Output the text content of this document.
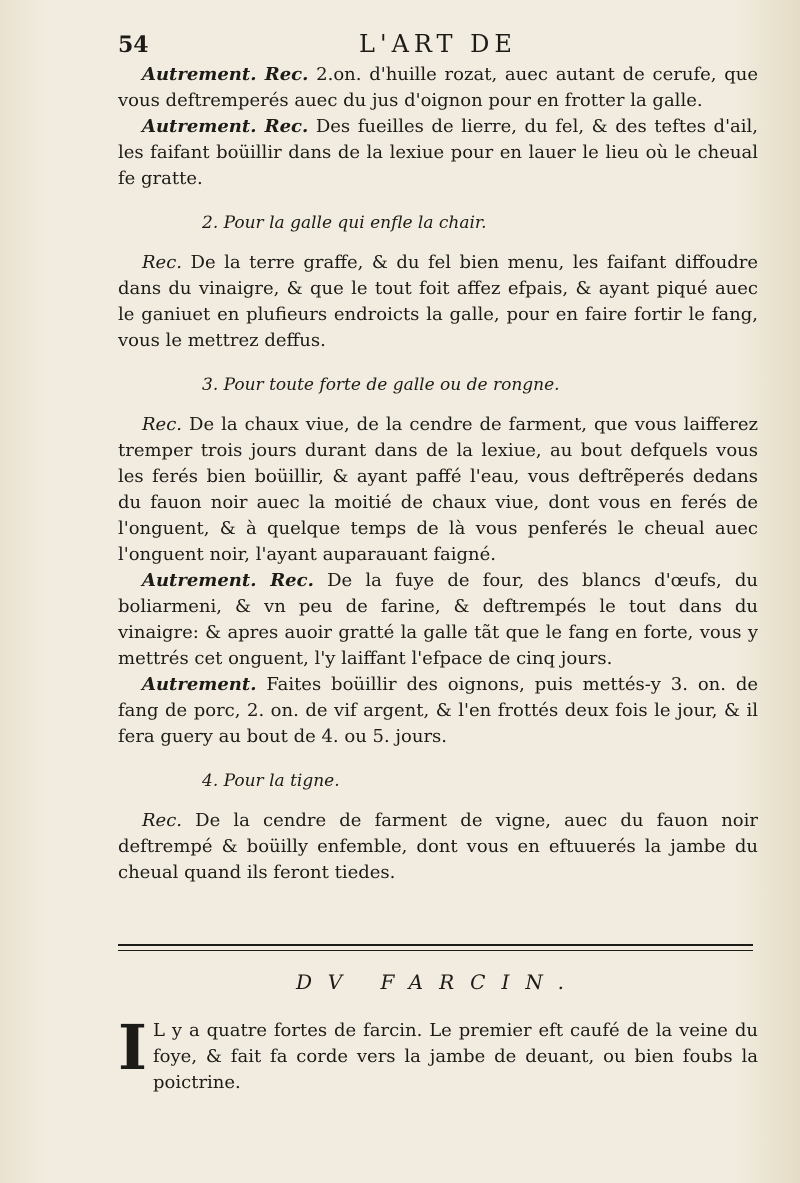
54	L'ART DE

Autrement. Rec. 2.on. d'huille rozat, auec autant de cerufe, que vous deftremperés auec du jus d'oignon pour en frotter la galle.

Autrement. Rec. Des fueilles de lierre, du fel, & des teftes d'ail, les faifant boüillir dans de la lexiue pour en lauer le lieu où le cheual fe gratte.

2. Pour la galle qui enfle la chair.

Rec. De la terre graffe, & du fel bien menu, les faifant diffoudre dans du vinaigre, & que le tout foit affez efpais, & ayant piqué auec le ganiuet en plufieurs endroicts la galle, pour en faire fortir le fang, vous le mettrez deffus.

3. Pour toute forte de galle ou de rongne.

Rec. De la chaux viue, de la cendre de farment, que vous laifferez tremper trois jours durant dans de la lexiue, au bout defquels vous les ferés bien boüillir, & ayant paffé l'eau, vous deftrẽperés dedans du fauon noir auec la moitié de chaux viue, dont vous en ferés de l'onguent, & à quelque temps de là vous penferés le cheual auec l'onguent noir, l'ayant auparauant faigné.

Autrement. Rec. De la fuye de four, des blancs d'œufs, du boliarmeni, & vn peu de farine, & deftrempés le tout dans du vinaigre: & apres auoir gratté la galle tãt que le fang en forte, vous y mettrés cet onguent, l'y laiffant l'efpace de cinq jours.

Autrement. Faites boüillir des oignons, puis mettés-y 3. on. de fang de porc, 2. on. de vif argent, & l'en frottés deux fois le jour, & il fera guery au bout de 4. ou 5. jours.

4. Pour la tigne.

Rec. De la cendre de farment de vigne, auec du fauon noir deftrempé & boüilly enfemble, dont vous en eftuuerés la jambe du cheual quand ils feront tiedes.

DV FARCIN.

I L y a quatre fortes de farcin. Le premier eft caufé de la veine du foye, & fait fa corde vers la jambe de deuant, ou bien foubs la poictrine.
